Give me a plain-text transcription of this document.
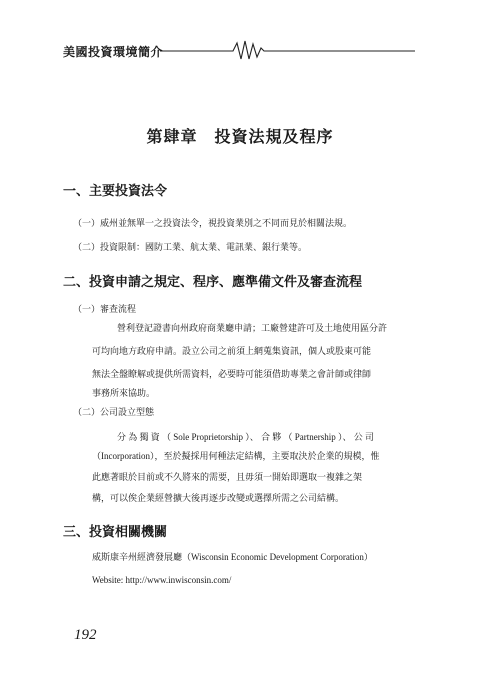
美國投資環境簡介
第肆章　投資法規及程序
一、主要投資法令
（一）威州並無單一之投資法令，視投資業別之不同而見於相關法規。
（二）投資限制：國防工業、航太業、電訊業、銀行業等。
二、投資申請之規定、程序、應準備文件及審查流程
（一）審查流程
營利登記證書向州政府商業廳申請；工廠營建許可及土地使用區分許
可均向地方政府申請。設立公司之前須上網蒐集資訊，個人或股東可能
無法全盤瞭解或提供所需資料，必要時可能須借助專業之會計師或律師
事務所來協助。
（二）公司設立型態
分 為 獨 資 （ Sole Proprietorship ）、 合 夥 （ Partnership ）、 公 司
（Incorporation），至於擬採用何種法定結構，主要取決於企業的規模，惟
此應著眼於目前或不久將來的需要，且毋須一開始即選取一複雜之架
構，可以俟企業經營擴大後再逐步改變或選擇所需之公司結構。
三、投資相關機關
威斯康辛州經濟發展廳（Wisconsin Economic Development Corporation）
Website: http://www.inwisconsin.com/
192
